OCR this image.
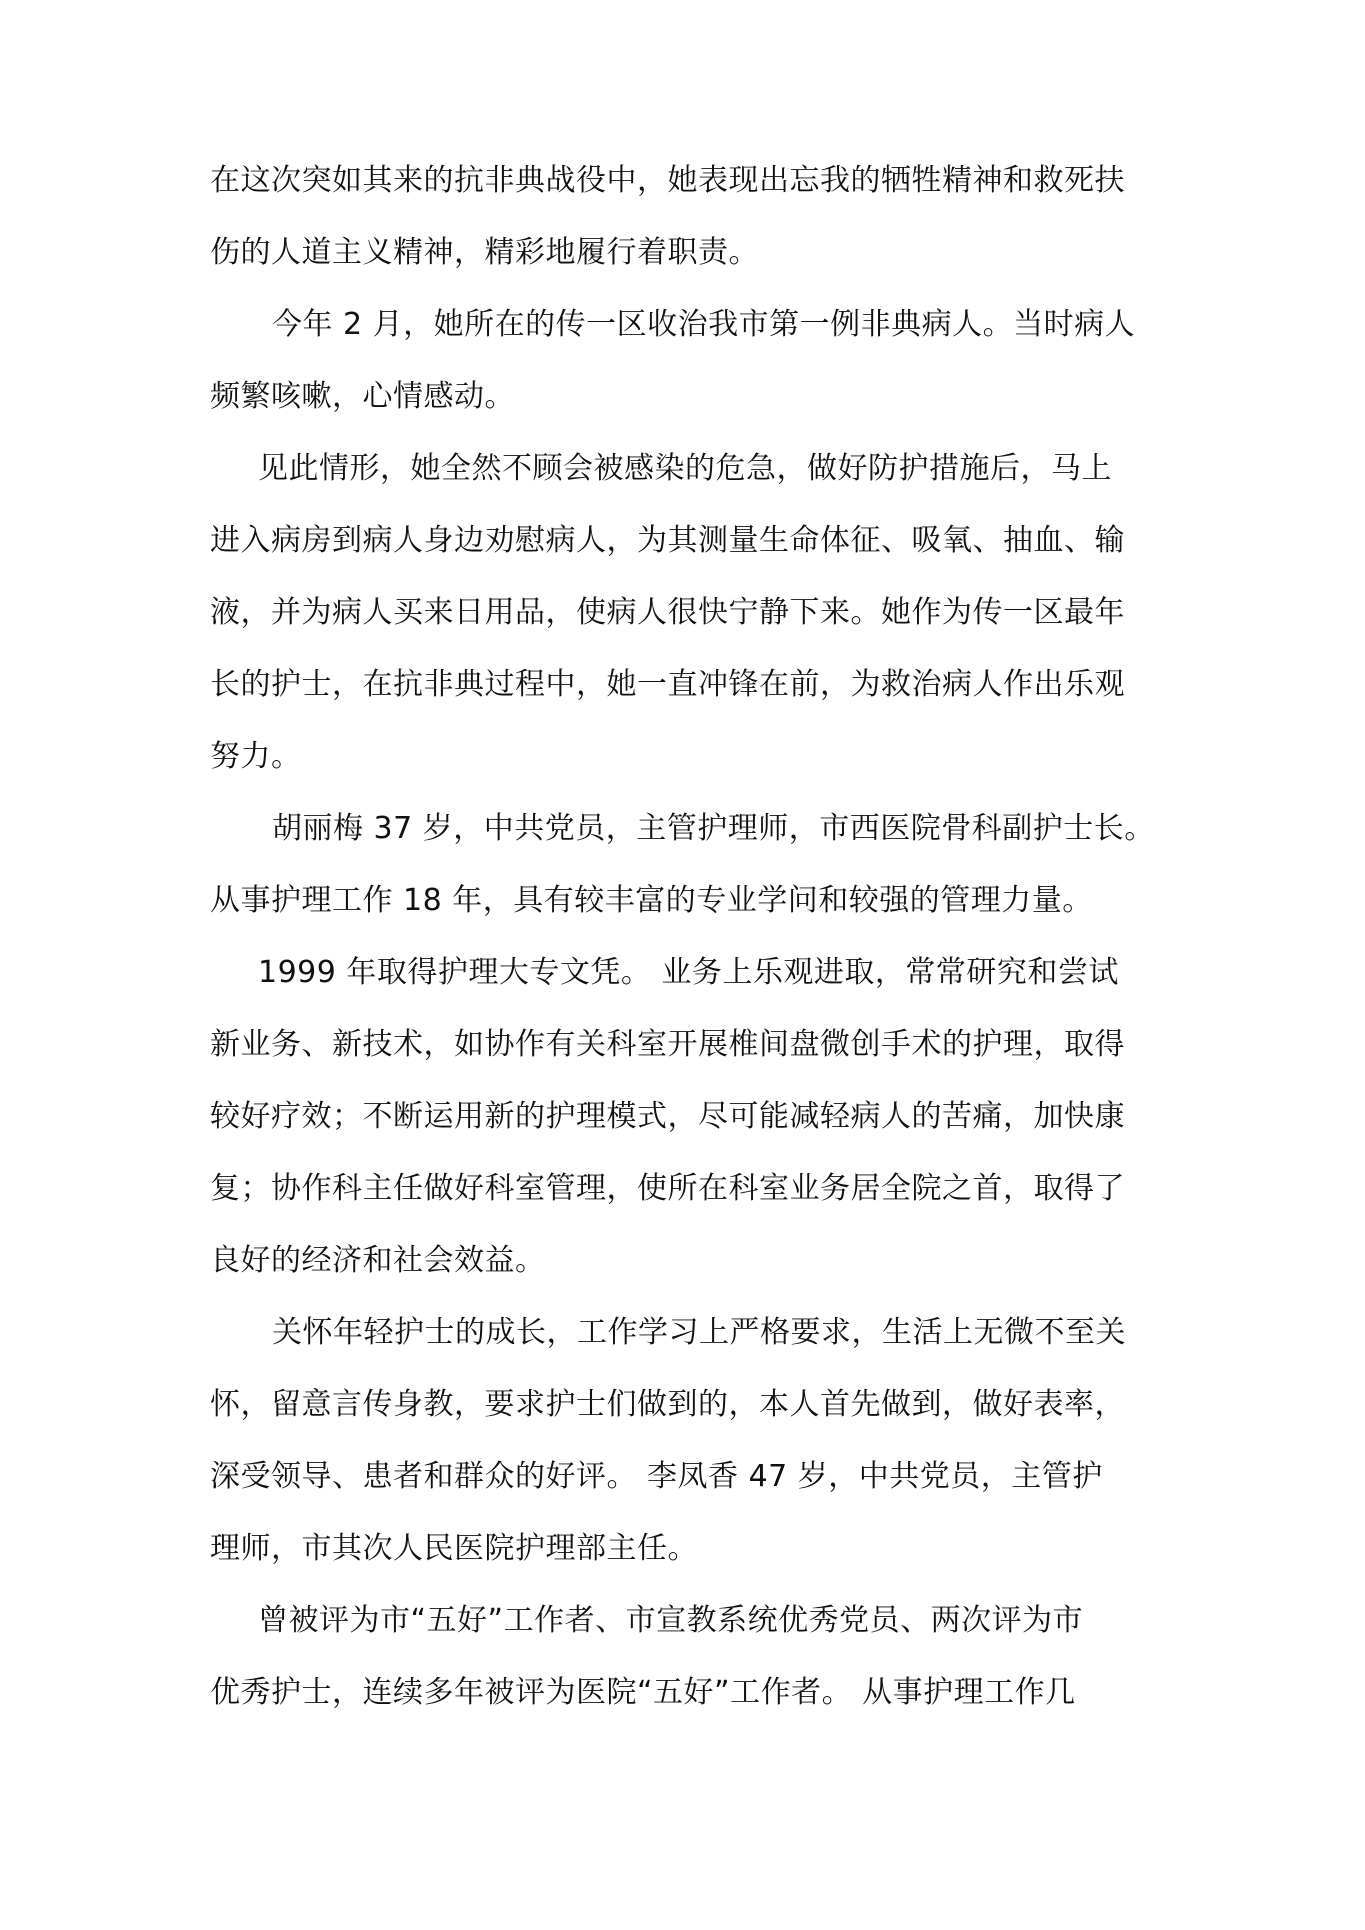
在这次突如其来的抗非典战役中，她表现出忘我的牺牲精神和救死扶
伤的人道主义精神，精彩地履行着职责。
今年 2 月，她所在的传一区收治我市第一例非典病人。当时病人
频繁咳嗽，心情感动。
见此情形，她全然不顾会被感染的危急，做好防护措施后，马上
进入病房到病人身边劝慰病人，为其测量生命体征、吸氧、抽血、输
液，并为病人买来日用品，使病人很快宁静下来。她作为传一区最年
长的护士，在抗非典过程中，她一直冲锋在前，为救治病人作出乐观
努力。
胡丽梅 37 岁，中共党员，主管护理师，市西医院骨科副护士长。
从事护理工作 18 年，具有较丰富的专业学问和较强的管理力量。
1999 年取得护理大专文凭。 业务上乐观进取，常常研究和尝试
新业务、新技术，如协作有关科室开展椎间盘微创手术的护理，取得
较好疗效；不断运用新的护理模式，尽可能减轻病人的苦痛，加快康
复；协作科主任做好科室管理，使所在科室业务居全院之首，取得了
良好的经济和社会效益。
关怀年轻护士的成长，工作学习上严格要求，生活上无微不至关
怀，留意言传身教，要求护士们做到的，本人首先做到，做好表率，
深受领导、患者和群众的好评。 李凤香 47 岁，中共党员，主管护
理师，市其次人民医院护理部主任。
曾被评为市“五好”工作者、市宣教系统优秀党员、两次评为市
优秀护士，连续多年被评为医院“五好”工作者。 从事护理工作几
